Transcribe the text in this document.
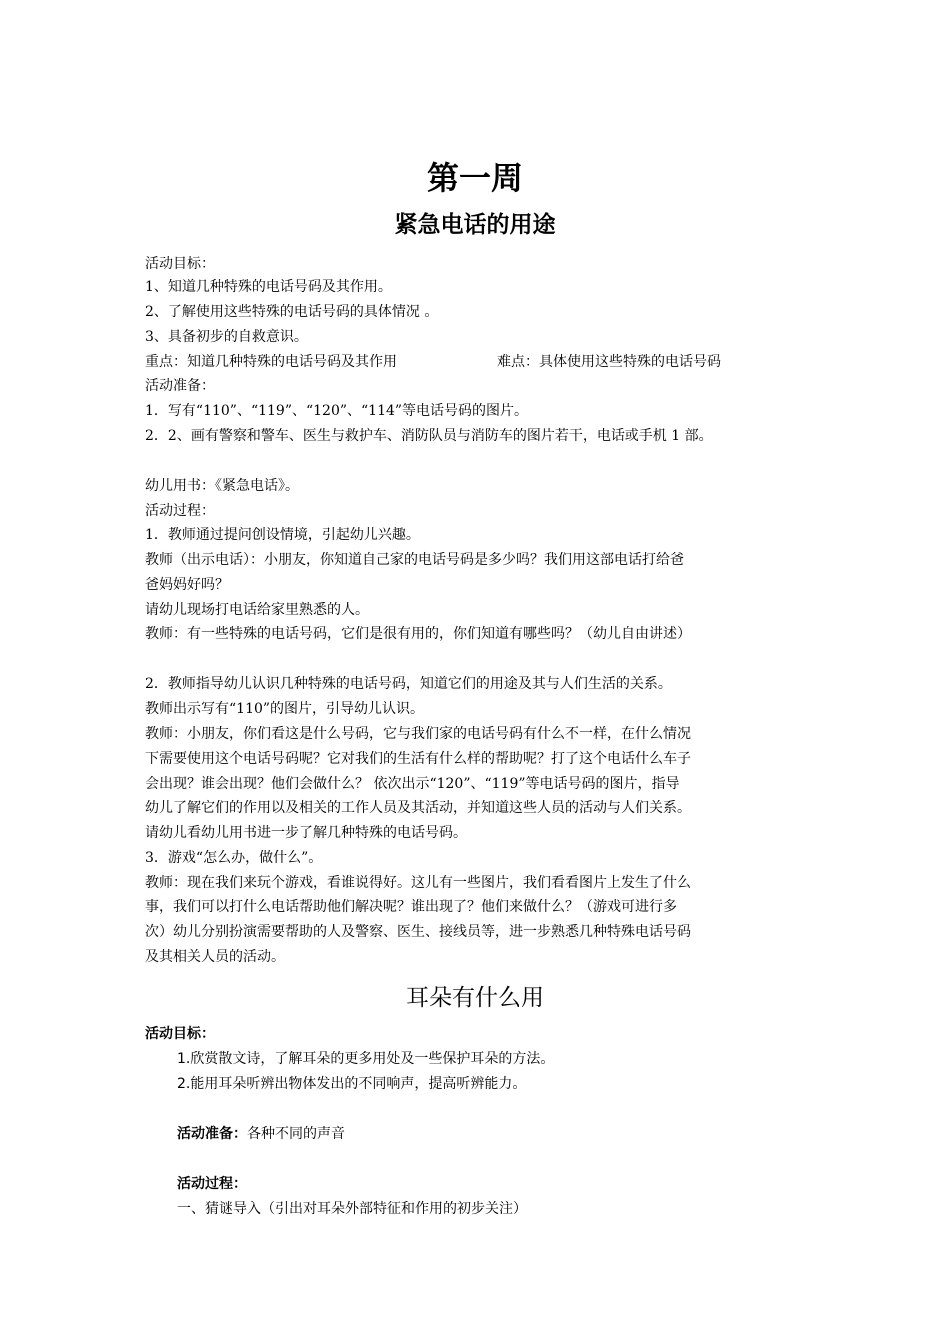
第一周
紧急电话的用途
活动目标：
1、知道几种特殊的电话号码及其作用。
2、了解使用这些特殊的电话号码的具体情况 。
3、具备初步的自救意识。
重点：知道几种特殊的电话号码及其作用	难点：具体使用这些特殊的电话号码
活动准备：
1．写有“110”、“119”、“120”、“114”等电话号码的图片。
2．2、画有警察和警车、医生与救护车、消防队员与消防车的图片若干，电话或手机 1 部。
幼儿用书：《紧急电话》。
活动过程：
1．教师通过提问创设情境，引起幼儿兴趣。
教师（出示电话）：小朋友，你知道自己家的电话号码是多少吗？我们用这部电话打给爸
爸妈妈好吗？
请幼儿现场打电话给家里熟悉的人。
教师：有一些特殊的电话号码，它们是很有用的，你们知道有哪些吗？（幼儿自由讲述）
2．教师指导幼儿认识几种特殊的电话号码，知道它们的用途及其与人们生活的关系。
教师出示写有“110”的图片，引导幼儿认识。
教师：小朋友，你们看这是什么号码，它与我们家的电话号码有什么不一样，在什么情况
下需要使用这个电话号码呢？它对我们的生活有什么样的帮助呢？打了这个电话什么车子
会出现？谁会出现？他们会做什么？ 依次出示“120”、“119”等电话号码的图片，指导
幼儿了解它们的作用以及相关的工作人员及其活动，并知道这些人员的活动与人们关系。
请幼儿看幼儿用书进一步了解几种特殊的电话号码。
3．游戏“怎么办，做什么”。
教师：现在我们来玩个游戏，看谁说得好。这儿有一些图片，我们看看图片上发生了什么
事，我们可以打什么电话帮助他们解决呢？谁出现了？他们来做什么？（游戏可进行多
次）幼儿分别扮演需要帮助的人及警察、医生、接线员等，进一步熟悉几种特殊电话号码
及其相关人员的活动。
耳朵有什么用
活动目标：
1.欣赏散文诗，了解耳朵的更多用处及一些保护耳朵的方法。
2.能用耳朵听辨出物体发出的不同响声，提高听辨能力。
活动准备：各种不同的声音
活动过程：
一、猜谜导入（引出对耳朵外部特征和作用的初步关注）
